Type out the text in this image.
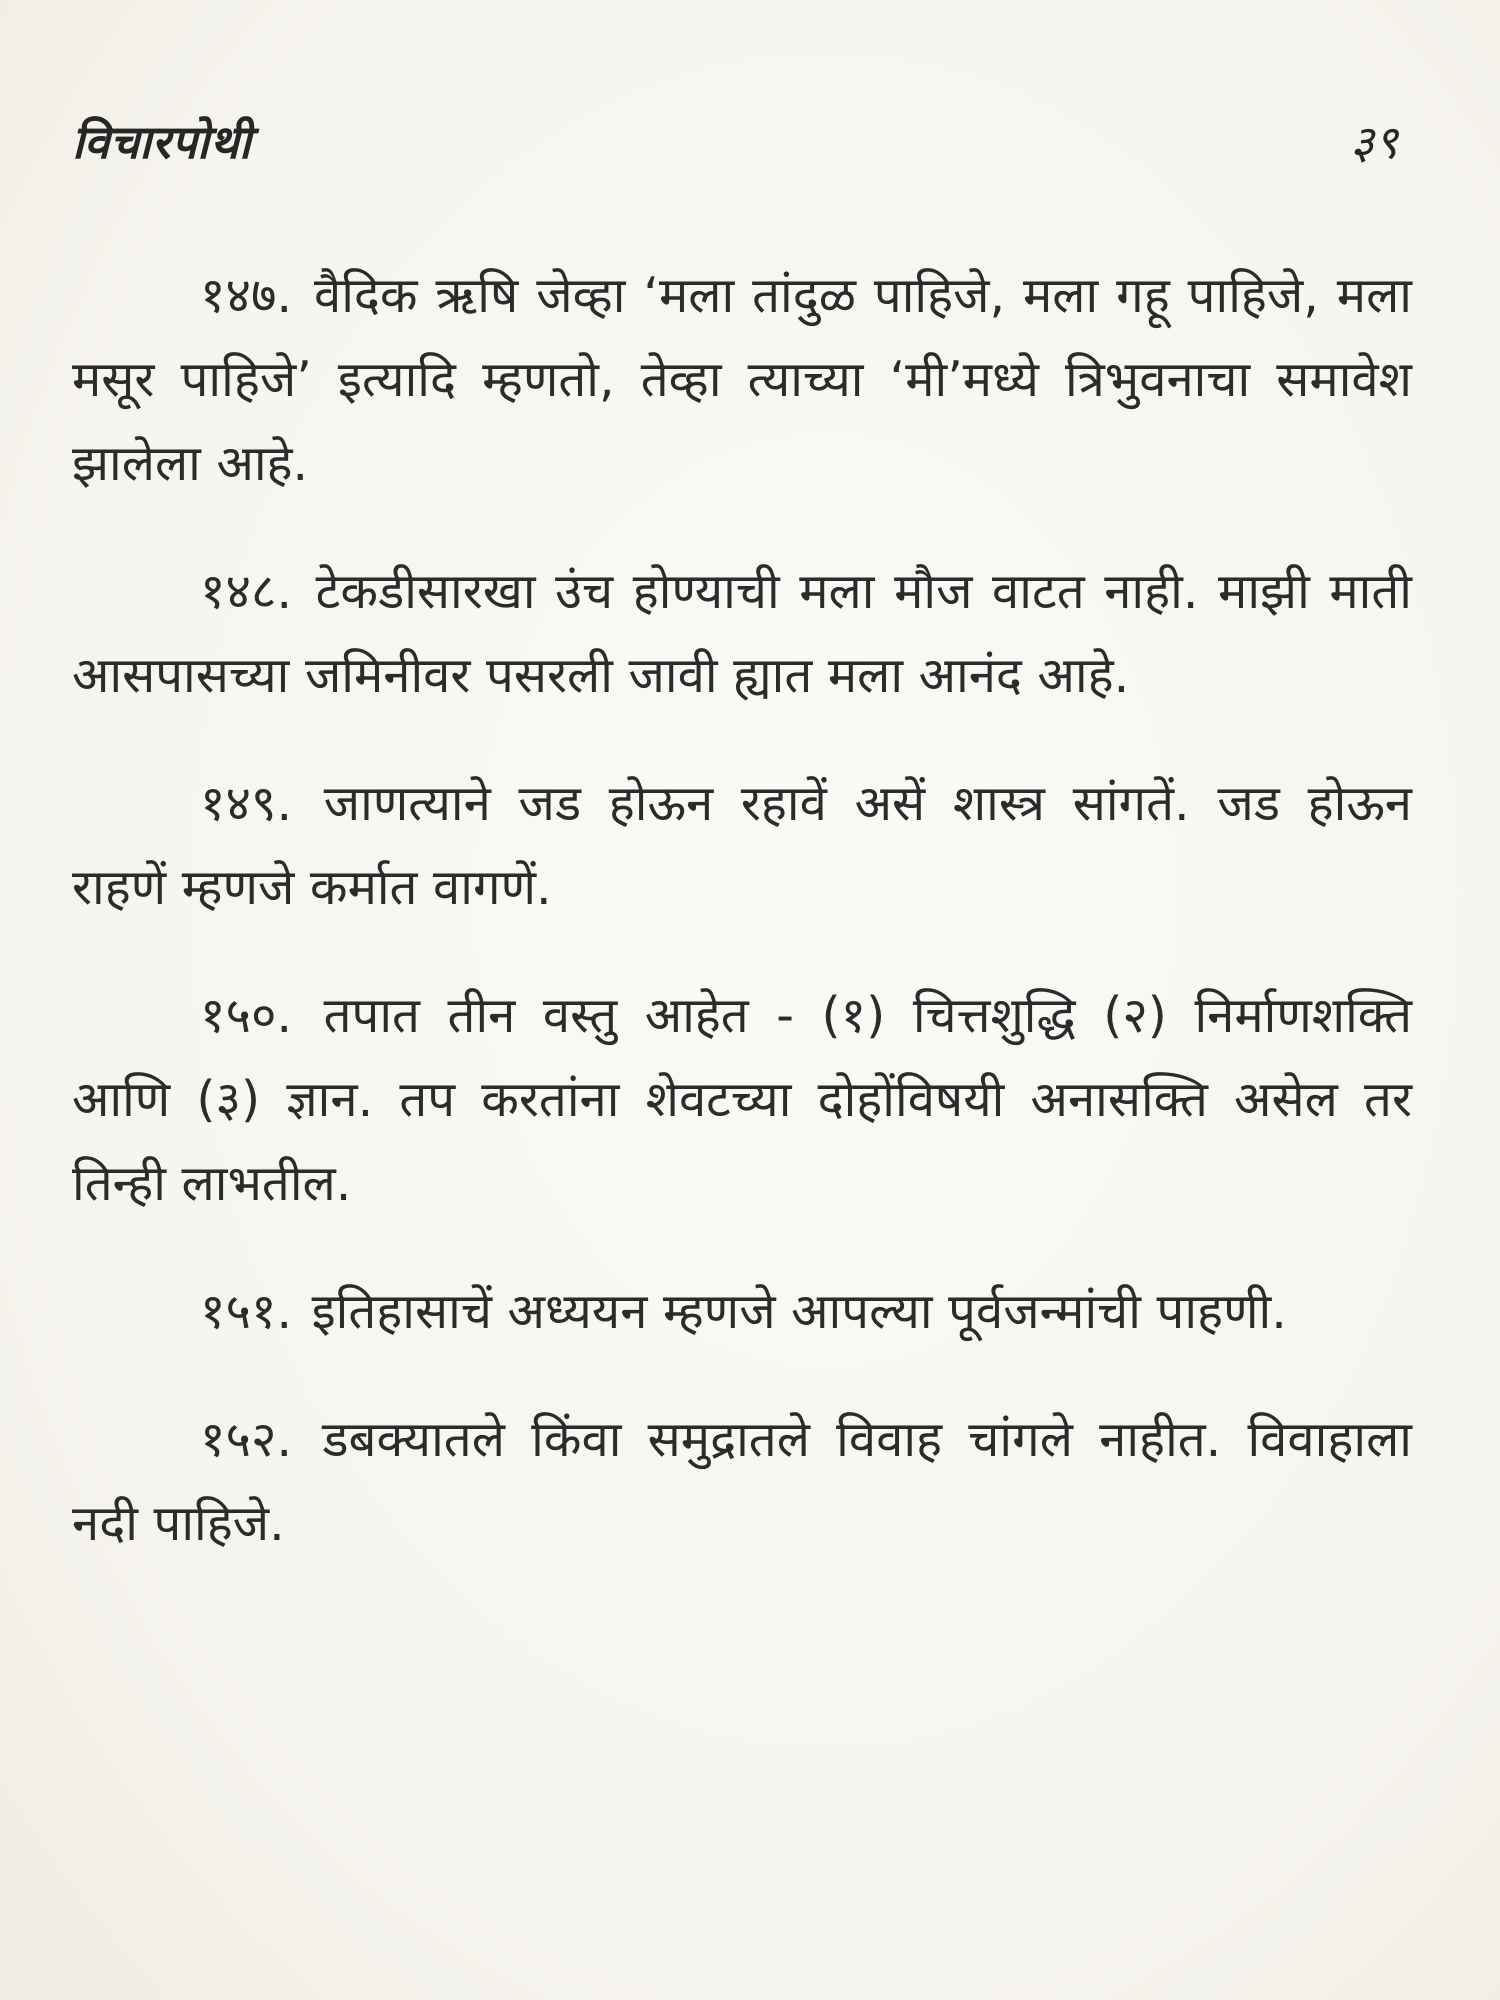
विचारपोथी	३९

१४७. वैदिक ऋषि जेव्हा ‘मला तांदुळ पाहिजे, मला गहू पाहिजे, मला मसूर पाहिजे’ इत्यादि म्हणतो, तेव्हा त्याच्या ‘मी’मध्ये त्रिभुवनाचा समावेश झालेला आहे.

१४८. टेकडीसारखा उंच होण्याची मला मौज वाटत नाही. माझी माती आसपासच्या जमिनीवर पसरली जावी ह्यात मला आनंद आहे.

१४९. जाणत्याने जड होऊन रहावें असें शास्त्र सांगतें. जड होऊन राहणें म्हणजे कर्मात वागणें.

१५०. तपात तीन वस्तु आहेत - (१) चित्तशुद्धि (२) निर्माणशक्ति आणि (३) ज्ञान. तप करतांना शेवटच्या दोहोंविषयी अनासक्ति असेल तर तिन्ही लाभतील.

१५१. इतिहासाचें अध्ययन म्हणजे आपल्या पूर्वजन्मांची पाहणी.

१५२. डबक्यातले किंवा समुद्रातले विवाह चांगले नाहीत. विवाहाला नदी पाहिजे.
